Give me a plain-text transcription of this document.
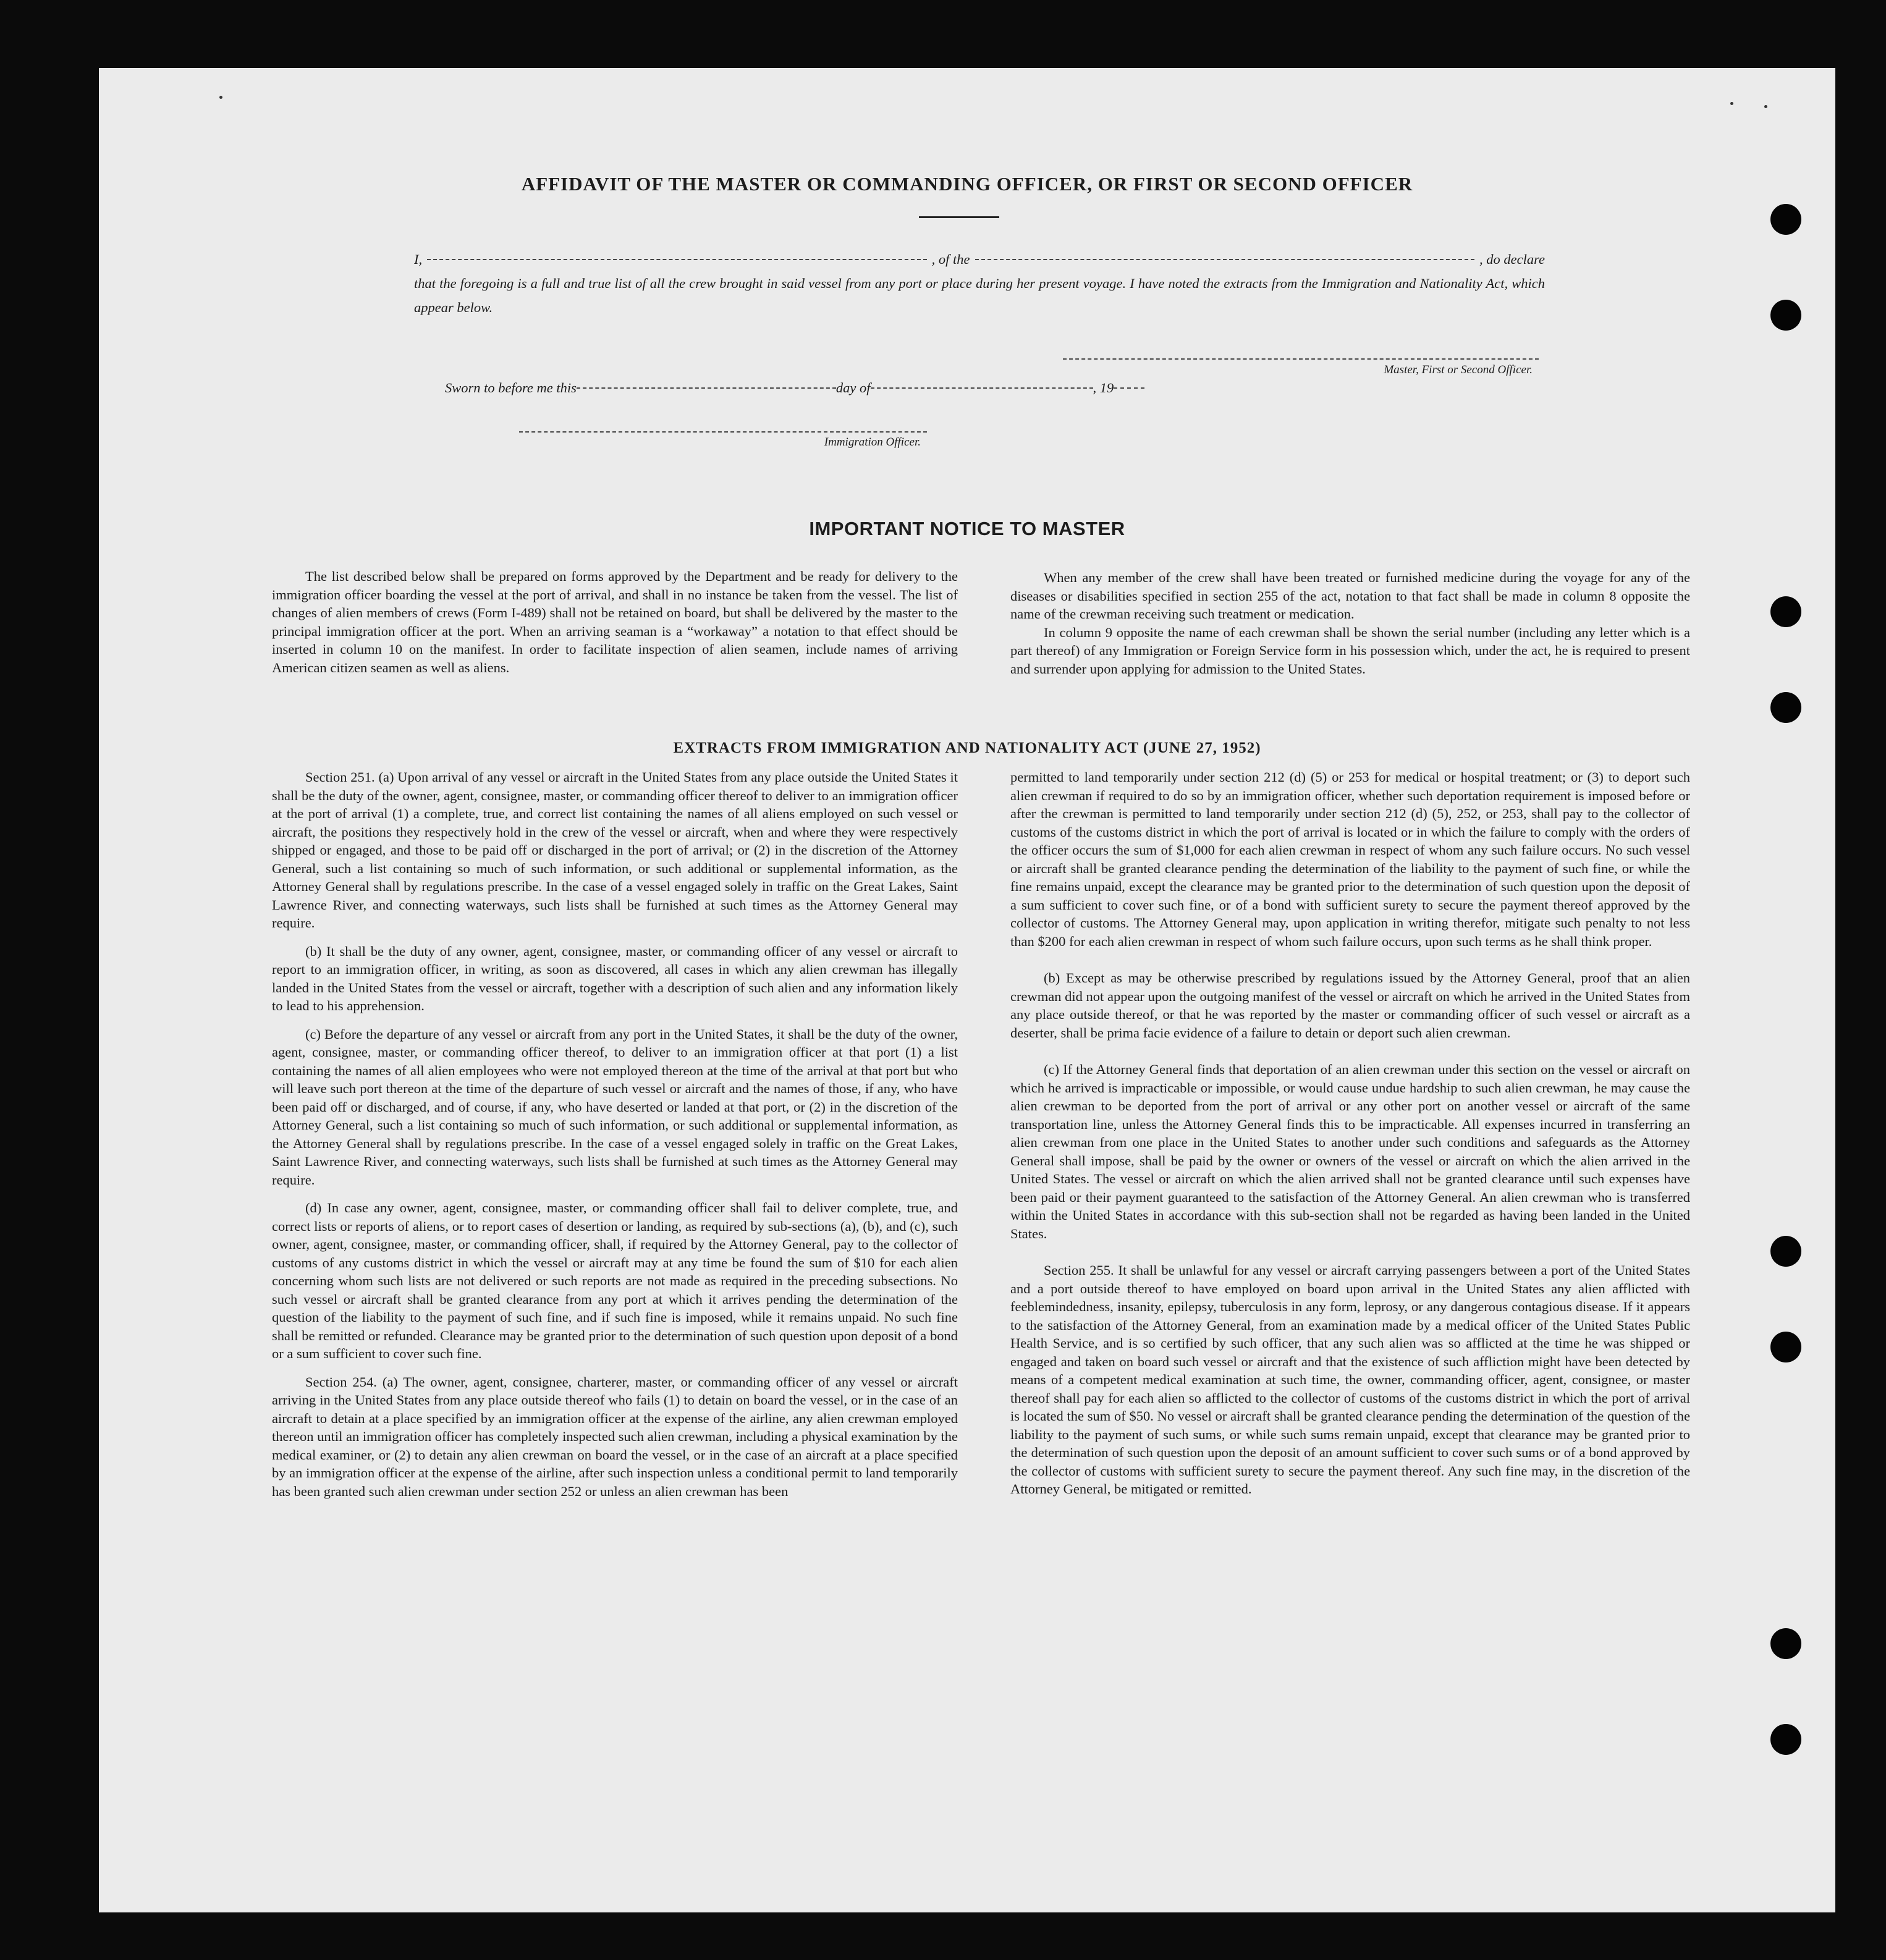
AFFIDAVIT OF THE MASTER OR COMMANDING OFFICER, OR FIRST OR SECOND OFFICER
I,	, of the	, do declare
that the foregoing is a full and true list of all the crew brought in said vessel from any port or place during her present voyage. I have noted the extracts from the Immigration and Nationality Act, which appear below.
Master, First or Second Officer.
Sworn to before me this	day of	, 19
Immigration Officer.
IMPORTANT NOTICE TO MASTER

The list described below shall be prepared on forms approved by the Department and be ready for delivery to the immigration officer boarding the vessel at the port of arrival, and shall in no instance be taken from the vessel. The list of changes of alien members of crews (Form I-489) shall not be retained on board, but shall be delivered by the master to the principal immigration officer at the port. When an arriving seaman is a “workaway” a notation to that effect should be inserted in column 10 on the manifest. In order to facilitate inspection of alien seamen, include names of arriving American citizen seamen as well as aliens.

When any member of the crew shall have been treated or furnished medicine during the voyage for any of the diseases or disabilities specified in section 255 of the act, notation to that fact shall be made in column 8 opposite the name of the crewman receiving such treatment or medication.

In column 9 opposite the name of each crewman shall be shown the serial number (including any letter which is a part thereof) of any Immigration or Foreign Service form in his possession which, under the act, he is required to present and surrender upon applying for admission to the United States.

EXTRACTS FROM IMMIGRATION AND NATIONALITY ACT (JUNE 27, 1952)

Section 251. (a) Upon arrival of any vessel or aircraft in the United States from any place outside the United States it shall be the duty of the owner, agent, consignee, master, or commanding officer thereof to deliver to an immigration officer at the port of arrival (1) a complete, true, and correct list containing the names of all aliens employed on such vessel or aircraft, the positions they respectively hold in the crew of the vessel or aircraft, when and where they were respectively shipped or engaged, and those to be paid off or discharged in the port of arrival; or (2) in the discretion of the Attorney General, such a list containing so much of such information, or such additional or supplemental information, as the Attorney General shall by regulations prescribe. In the case of a vessel engaged solely in traffic on the Great Lakes, Saint Lawrence River, and connecting waterways, such lists shall be furnished at such times as the Attorney General may require.

(b) It shall be the duty of any owner, agent, consignee, master, or commanding officer of any vessel or aircraft to report to an immigration officer, in writing, as soon as discovered, all cases in which any alien crewman has illegally landed in the United States from the vessel or aircraft, together with a description of such alien and any information likely to lead to his apprehension.

(c) Before the departure of any vessel or aircraft from any port in the United States, it shall be the duty of the owner, agent, consignee, master, or commanding officer thereof, to deliver to an immigration officer at that port (1) a list containing the names of all alien employees who were not employed thereon at the time of the arrival at that port but who will leave such port thereon at the time of the departure of such vessel or aircraft and the names of those, if any, who have been paid off or discharged, and of course, if any, who have deserted or landed at that port, or (2) in the discretion of the Attorney General, such a list containing so much of such information, or such additional or supplemental information, as the Attorney General shall by regulations prescribe. In the case of a vessel engaged solely in traffic on the Great Lakes, Saint Lawrence River, and connecting waterways, such lists shall be furnished at such times as the Attorney General may require.

(d) In case any owner, agent, consignee, master, or commanding officer shall fail to deliver complete, true, and correct lists or reports of aliens, or to report cases of desertion or landing, as required by sub-sections (a), (b), and (c), such owner, agent, consignee, master, or commanding officer, shall, if required by the Attorney General, pay to the collector of customs of any customs district in which the vessel or aircraft may at any time be found the sum of $10 for each alien concerning whom such lists are not delivered or such reports are not made as required in the preceding subsections. No such vessel or aircraft shall be granted clearance from any port at which it arrives pending the determination of the question of the liability to the payment of such fine, and if such fine is imposed, while it remains unpaid. No such fine shall be remitted or refunded. Clearance may be granted prior to the determination of such question upon deposit of a bond or a sum sufficient to cover such fine.

Section 254. (a) The owner, agent, consignee, charterer, master, or commanding officer of any vessel or aircraft arriving in the United States from any place outside thereof who fails (1) to detain on board the vessel, or in the case of an aircraft to detain at a place specified by an immigration officer at the expense of the airline, any alien crewman employed thereon until an immigration officer has completely inspected such alien crewman, including a physical examination by the medical examiner, or (2) to detain any alien crewman on board the vessel, or in the case of an aircraft at a place specified by an immigration officer at the expense of the airline, after such inspection unless a conditional permit to land temporarily has been granted such alien crewman under section 252 or unless an alien crewman has been

permitted to land temporarily under section 212 (d) (5) or 253 for medical or hospital treatment; or (3) to deport such alien crewman if required to do so by an immigration officer, whether such deportation requirement is imposed before or after the crewman is permitted to land temporarily under section 212 (d) (5), 252, or 253, shall pay to the collector of customs of the customs district in which the port of arrival is located or in which the failure to comply with the orders of the officer occurs the sum of $1,000 for each alien crewman in respect of whom any such failure occurs. No such vessel or aircraft shall be granted clearance pending the determination of the liability to the payment of such fine, or while the fine remains unpaid, except the clearance may be granted prior to the determination of such question upon the deposit of a sum sufficient to cover such fine, or of a bond with sufficient surety to secure the payment thereof approved by the collector of customs. The Attorney General may, upon application in writing therefor, mitigate such penalty to not less than $200 for each alien crewman in respect of whom such failure occurs, upon such terms as he shall think proper.

(b) Except as may be otherwise prescribed by regulations issued by the Attorney General, proof that an alien crewman did not appear upon the outgoing manifest of the vessel or aircraft on which he arrived in the United States from any place outside thereof, or that he was reported by the master or commanding officer of such vessel or aircraft as a deserter, shall be prima facie evidence of a failure to detain or deport such alien crewman.

(c) If the Attorney General finds that deportation of an alien crewman under this section on the vessel or aircraft on which he arrived is impracticable or impossible, or would cause undue hardship to such alien crewman, he may cause the alien crewman to be deported from the port of arrival or any other port on another vessel or aircraft of the same transportation line, unless the Attorney General finds this to be impracticable. All expenses incurred in transferring an alien crewman from one place in the United States to another under such conditions and safeguards as the Attorney General shall impose, shall be paid by the owner or owners of the vessel or aircraft on which the alien arrived in the United States. The vessel or aircraft on which the alien arrived shall not be granted clearance until such expenses have been paid or their payment guaranteed to the satisfaction of the Attorney General. An alien crewman who is transferred within the United States in accordance with this sub-section shall not be regarded as having been landed in the United States.

Section 255. It shall be unlawful for any vessel or aircraft carrying passengers between a port of the United States and a port outside thereof to have employed on board upon arrival in the United States any alien afflicted with feeblemindedness, insanity, epilepsy, tuberculosis in any form, leprosy, or any dangerous contagious disease. If it appears to the satisfaction of the Attorney General, from an examination made by a medical officer of the United States Public Health Service, and is so certified by such officer, that any such alien was so afflicted at the time he was shipped or engaged and taken on board such vessel or aircraft and that the existence of such affliction might have been detected by means of a competent medical examination at such time, the owner, commanding officer, agent, consignee, or master thereof shall pay for each alien so afflicted to the collector of customs of the customs district in which the port of arrival is located the sum of $50. No vessel or aircraft shall be granted clearance pending the determination of the question of the liability to the payment of such sums, or while such sums remain unpaid, except that clearance may be granted prior to the determination of such question upon the deposit of an amount sufficient to cover such sums or of a bond approved by the collector of customs with sufficient surety to secure the payment thereof. Any such fine may, in the discretion of the Attorney General, be mitigated or remitted.
